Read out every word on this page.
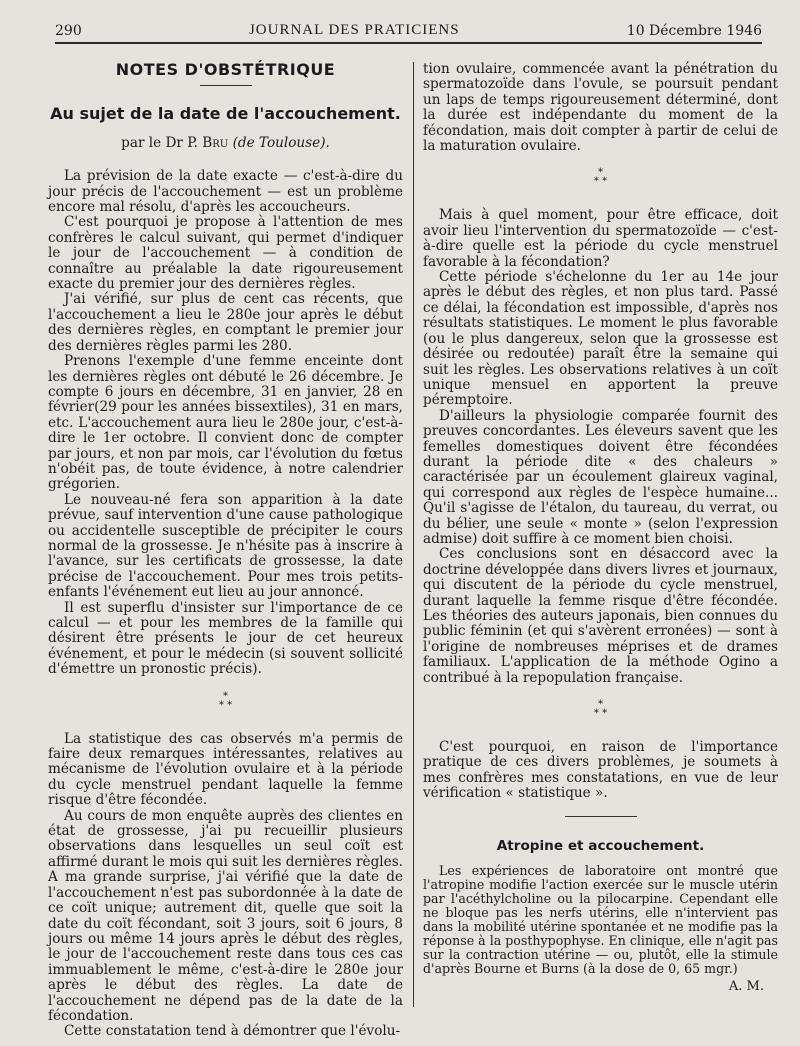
290	JOURNAL DES PRATICIENS	10 Décembre 1946
NOTES D'OBSTÉTRIQUE
Au sujet de la date de l'accouchement.
par le Dr P. Bru (de Toulouse).

La prévision de la date exacte — c'est-à-dire du jour précis de l'accouchement — est un problème encore mal résolu, d'après les accoucheurs.

C'est pourquoi je propose à l'attention de mes confrères le calcul suivant, qui permet d'indiquer le jour de l'accouchement — à condition de connaître au préalable la date rigoureusement exacte du premier jour des dernières règles.

J'ai vérifié, sur plus de cent cas récents, que l'accouchement a lieu le 280e jour après le début des dernières règles, en comptant le premier jour des dernières règles parmi les 280.

Prenons l'exemple d'une femme enceinte dont les dernières règles ont débuté le 26 décembre. Je compte 6 jours en décembre, 31 en janvier, 28 en février(29 pour les années bissextiles), 31 en mars, etc. L'accouchement aura lieu le 280e jour, c'est-à-dire le 1er octobre. Il convient donc de compter par jours, et non par mois, car l'évolution du fœtus n'obéit pas, de toute évidence, à notre calendrier grégorien.

Le nouveau-né fera son apparition à la date prévue, sauf intervention d'une cause pathologique ou accidentelle susceptible de précipiter le cours normal de la grossesse. Je n'hésite pas à inscrire à l'avance, sur les certificats de grossesse, la date précise de l'accouchement. Pour mes trois petits-enfants l'événement eut lieu au jour annoncé.

Il est superflu d'insister sur l'importance de ce calcul — et pour les membres de la famille qui désirent être présents le jour de cet heureux événement, et pour le médecin (si souvent sollicité d'émettre un pronostic précis).

*
* *

La statistique des cas observés m'a permis de faire deux remarques intéressantes, relatives au mécanisme de l'évolution ovulaire et à la période du cycle menstruel pendant laquelle la femme risque d'être fécondée.

Au cours de mon enquête auprès des clientes en état de grossesse, j'ai pu recueillir plusieurs observations dans lesquelles un seul coït est affirmé durant le mois qui suit les dernières règles. A ma grande surprise, j'ai vérifié que la date de l'accouchement n'est pas subordonnée à la date de ce coït unique; autrement dit, quelle que soit la date du coït fécondant, soit 3 jours, soit 6 jours, 8 jours ou même 14 jours après le début des règles, le jour de l'accouchement reste dans tous ces cas immuablement le même, c'est-à-dire le 280e jour après le début des règles. La date de l'accouchement ne dépend pas de la date de la fécondation.

Cette constatation tend à démontrer que l'évolu-

tion ovulaire, commencée avant la pénétration du spermatozoïde dans l'ovule, se poursuit pendant un laps de temps rigoureusement déterminé, dont la durée est indépendante du moment de la fécondation, mais doit compter à partir de celui de la maturation ovulaire.

*
* *

Mais à quel moment, pour être efficace, doit avoir lieu l'intervention du spermatozoïde — c'est-à-dire quelle est la période du cycle menstruel favorable à la fécondation?

Cette période s'échelonne du 1er au 14e jour après le début des règles, et non plus tard. Passé ce délai, la fécondation est impossible, d'après nos résultats statistiques. Le moment le plus favorable (ou le plus dangereux, selon que la grossesse est désirée ou redoutée) paraît être la semaine qui suit les règles. Les observations relatives à un coït unique mensuel en apportent la preuve péremptoire.

D'ailleurs la physiologie comparée fournit des preuves concordantes. Les éleveurs savent que les femelles domestiques doivent être fécondées durant la période dite « des chaleurs » caractérisée par un écoulement glaireux vaginal, qui correspond aux règles de l'espèce humaine... Qu'il s'agisse de l'étalon, du taureau, du verrat, ou du bélier, une seule « monte » (selon l'expression admise) doit suffire à ce moment bien choisi.

Ces conclusions sont en désaccord avec la doctrine développée dans divers livres et journaux, qui discutent de la période du cycle menstruel, durant laquelle la femme risque d'être fécondée. Les théories des auteurs japonais, bien connues du public féminin (et qui s'avèrent erronées) — sont à l'origine de nombreuses méprises et de drames familiaux. L'application de la méthode Ogino a contribué à la repopulation française.

*
* *

C'est pourquoi, en raison de l'importance pratique de ces divers problèmes, je soumets à mes confrères mes constatations, en vue de leur vérification « statistique ».

Atropine et accouchement.

Les expériences de laboratoire ont montré que l'atropine modifie l'action exercée sur le muscle utérin par l'acéthylcholine ou la pilocarpine. Cependant elle ne bloque pas les nerfs utérins, elle n'intervient pas dans la mobilité utérine spontanée et ne modifie pas la réponse à la posthypophyse. En clinique, elle n'agit pas sur la contraction utérine — ou, plutôt, elle la stimule d'après Bourne et Burns (à la dose de 0, 65 mgr.)

A. M.
